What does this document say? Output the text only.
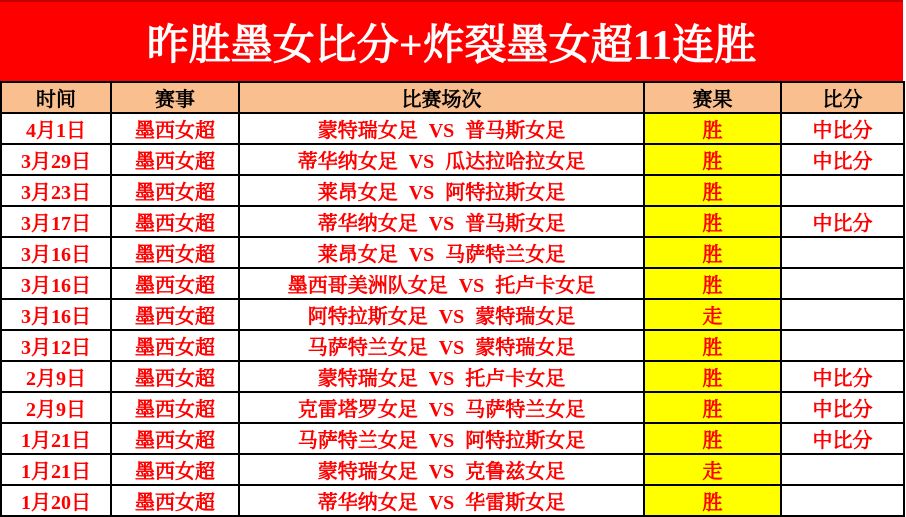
昨胜墨女比分+炸裂墨女超11连胜
时间	赛事	比赛场次	赛果	比分
4月1日	墨西女超	蒙特瑞女足 VS 普马斯女足	胜	中比分
3月29日	墨西女超	蒂华纳女足 VS 瓜达拉哈拉女足	胜	中比分
3月23日	墨西女超	莱昂女足 VS 阿特拉斯女足	胜	
3月17日	墨西女超	蒂华纳女足 VS 普马斯女足	胜	中比分
3月16日	墨西女超	莱昂女足 VS 马萨特兰女足	胜	
3月16日	墨西女超	墨西哥美洲队女足 VS 托卢卡女足	胜	
3月16日	墨西女超	阿特拉斯女足 VS 蒙特瑞女足	走	
3月12日	墨西女超	马萨特兰女足 VS 蒙特瑞女足	胜	
2月9日	墨西女超	蒙特瑞女足 VS 托卢卡女足	胜	中比分
2月9日	墨西女超	克雷塔罗女足 VS 马萨特兰女足	胜	中比分
1月21日	墨西女超	马萨特兰女足 VS 阿特拉斯女足	胜	中比分
1月21日	墨西女超	蒙特瑞女足 VS 克鲁兹女足	走	
1月20日	墨西女超	蒂华纳女足 VS 华雷斯女足	胜	
